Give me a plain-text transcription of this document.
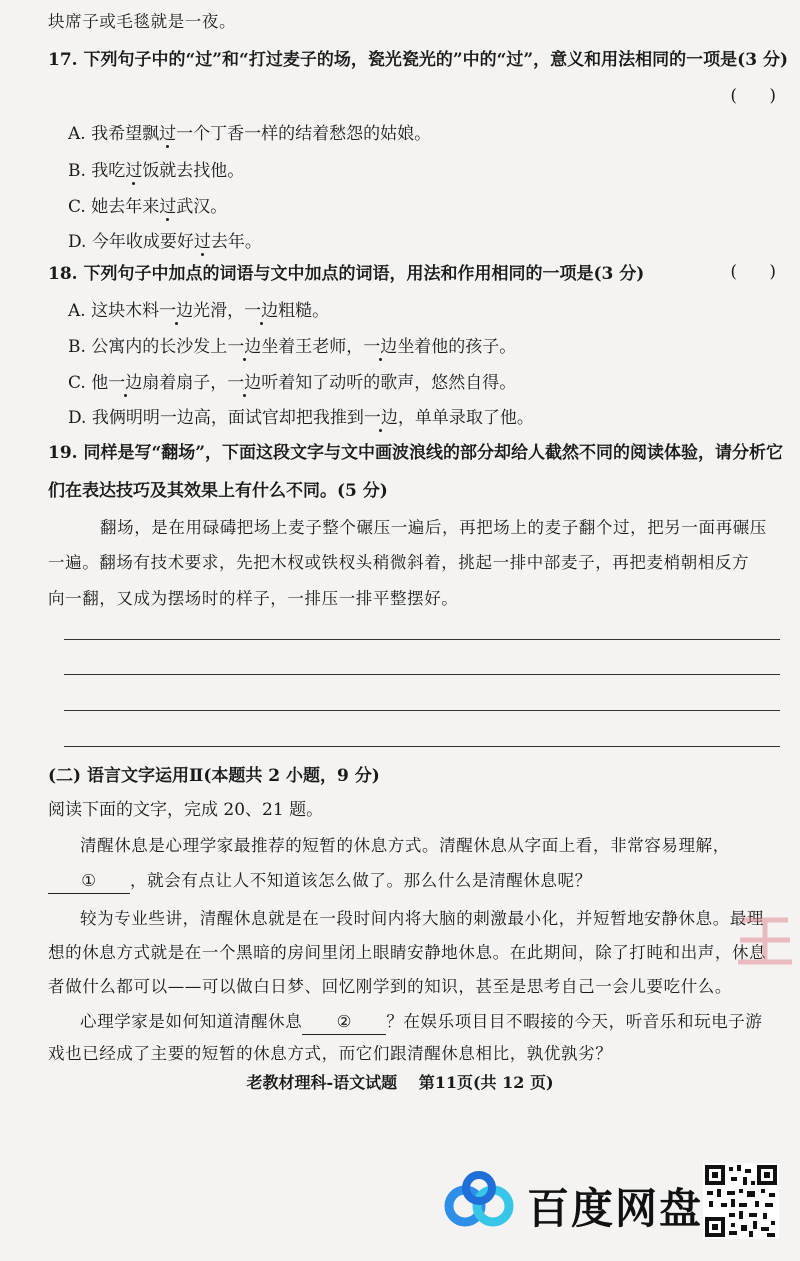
块席子或毛毯就是一夜。
17. 下列句子中的“过”和“打过麦子的场，瓷光瓷光的”中的“过”，意义和用法相同的一项是(3 分)
(      )
A. 我希望飘过一个丁香一样的结着愁怨的姑娘。
B. 我吃过饭就去找他。
C. 她去年来过武汉。
D. 今年收成要好过去年。
18. 下列句子中加点的词语与文中加点的词语，用法和作用相同的一项是(3 分)	(      )
A. 这块木料一边光滑，一边粗糙。
B. 公寓内的长沙发上一边坐着王老师，一边坐着他的孩子。
C. 他一边扇着扇子，一边听着知了动听的歌声，悠然自得。
D. 我俩明明一边高，面试官却把我推到一边，单单录取了他。
19. 同样是写“翻场”，下面这段文字与文中画波浪线的部分却给人截然不同的阅读体验，请分析它
们在表达技巧及其效果上有什么不同。(5 分)
翻场，是在用碌碡把场上麦子整个碾压一遍后，再把场上的麦子翻个过，把另一面再碾压
一遍。翻场有技术要求，先把木杈或铁杈头稍微斜着，挑起一排中部麦子，再把麦梢朝相反方
向一翻，又成为摆场时的样子，一排压一排平整摆好。
(二) 语言文字运用Ⅱ(本题共 2 小题，9 分)
阅读下面的文字，完成 20、21 题。
清醒休息是心理学家最推荐的短暂的休息方式。清醒休息从字面上看，非常容易理解，
① ，就会有点让人不知道该怎么做了。那么什么是清醒休息呢？
较为专业些讲，清醒休息就是在一段时间内将大脑的刺激最小化，并短暂地安静休息。最理
想的休息方式就是在一个黑暗的房间里闭上眼睛安静地休息。在此期间，除了打盹和出声，休息
者做什么都可以——可以做白日梦、回忆刚学到的知识，甚至是思考自己一会儿要吃什么。
心理学家是如何知道清醒休息 ② ？在娱乐项目目不暇接的今天，听音乐和玩电子游
戏也已经成了主要的短暂的休息方式，而它们跟清醒休息相比，孰优孰劣？
老教材理科-语文试题 第11页(共 12 页)
百度网盘
